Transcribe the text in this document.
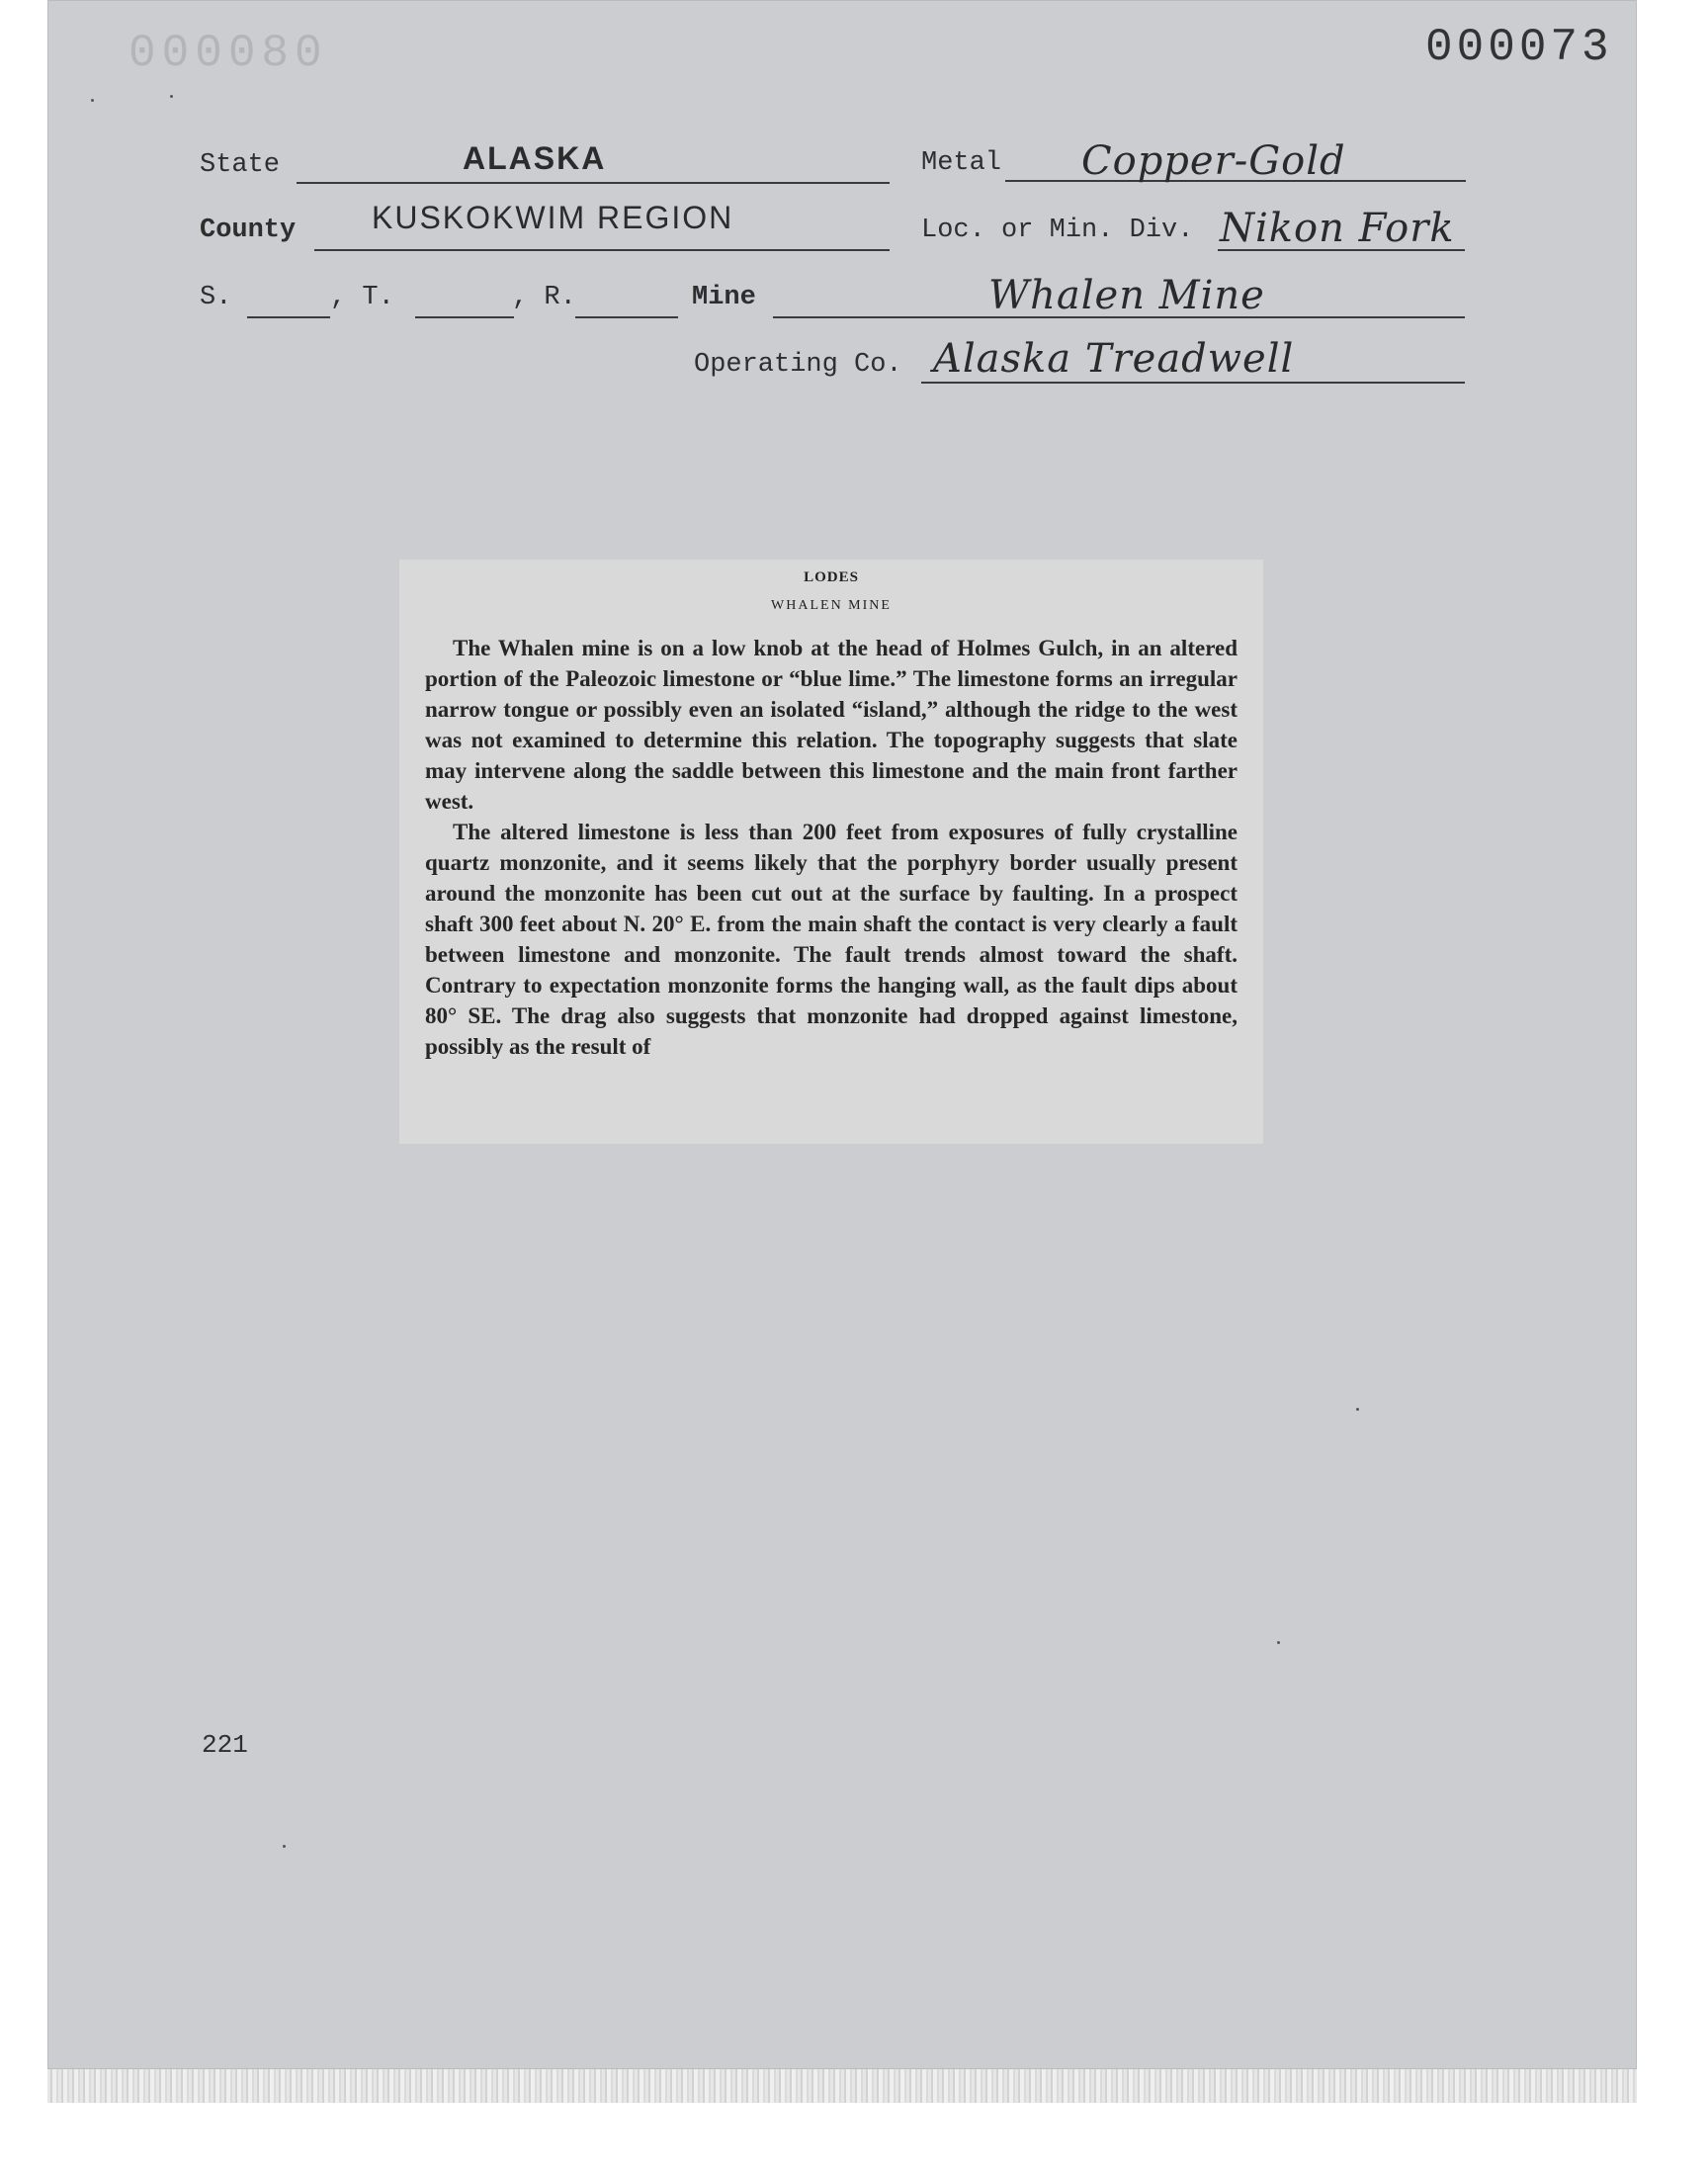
000080	000073
State	ALASKA	Metal Copper-Gold
County KUSKOKWIM REGION	Loc. or Min. Div. Nikon Fork
S.	, T.	, R.	Mine	Whalen Mine
Operating Co. Alaska Treadwell
LODES
WHALEN MINE

The Whalen mine is on a low knob at the head of Holmes Gulch, in an altered portion of the Paleozoic limestone or “blue lime.” The limestone forms an irregular narrow tongue or possibly even an isolated “island,” although the ridge to the west was not examined to determine this relation. The topography suggests that slate may intervene along the saddle between this limestone and the main front farther west.

The altered limestone is less than 200 feet from exposures of fully crystalline quartz monzonite, and it seems likely that the porphyry border usually present around the monzonite has been cut out at the surface by faulting. In a prospect shaft 300 feet about N. 20° E. from the main shaft the contact is very clearly a fault between limestone and monzonite. The fault trends almost toward the shaft. Contrary to expectation monzonite forms the hanging wall, as the fault dips about 80° SE. The drag also suggests that monzonite had dropped against limestone, possibly as the result of

221
